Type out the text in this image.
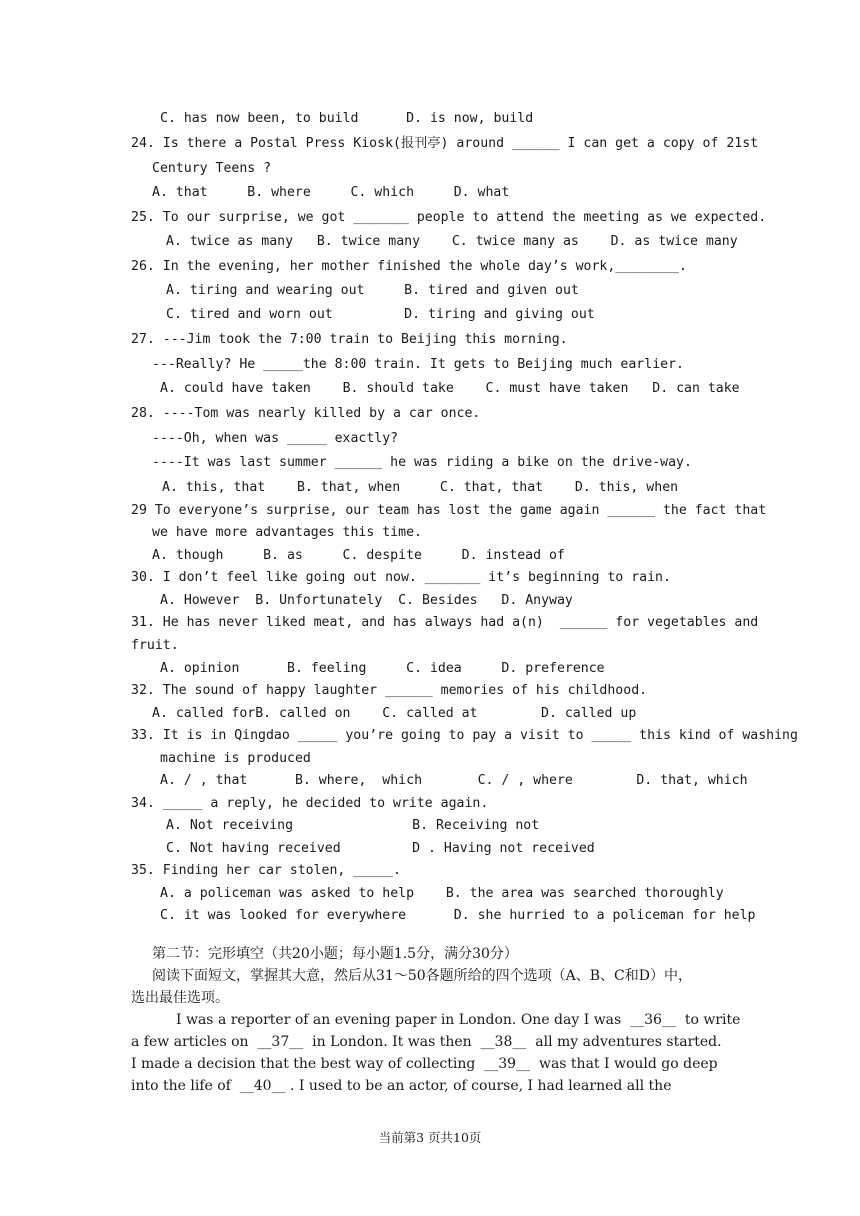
C. has now been, to build      D. is now, build
24. Is there a Postal Press Kiosk(报刊亭) around ______ I can get a copy of 21st
Century Teens ?
A. that     B. where     C. which     D. what
25. To our surprise, we got _______ people to attend the meeting as we expected.
A. twice as many   B. twice many    C. twice many as    D. as twice many
26. In the evening, her mother finished the whole day’s work,________.
A. tiring and wearing out     B. tired and given out
C. tired and worn out         D. tiring and giving out
27. ---Jim took the 7:00 train to Beijing this morning.
---Really? He _____the 8:00 train. It gets to Beijing much earlier.
A. could have taken    B. should take    C. must have taken   D. can take
28. ----Tom was nearly killed by a car once.
----Oh, when was _____ exactly?
----It was last summer ______ he was riding a bike on the drive-way.
A. this, that    B. that, when     C. that, that    D. this, when
29 To everyone’s surprise, our team has lost the game again ______ the fact that
we have more advantages this time.
A. though     B. as     C. despite     D. instead of
30. I don’t feel like going out now. _______ it’s beginning to rain.
A. However  B. Unfortunately  C. Besides   D. Anyway
31. He has never liked meat, and has always had a(n)  ______ for vegetables and
fruit.
A. opinion      B. feeling     C. idea     D. preference
32. The sound of happy laughter ______ memories of his childhood.
A. called forB. called on    C. called at        D. called up
33. It is in Qingdao _____ you’re going to pay a visit to _____ this kind of washing
machine is produced
A. / , that      B. where,  which       C. / , where        D. that, which
34. _____ a reply, he decided to write again.
A. Not receiving               B. Receiving not
C. Not having received         D . Having not received
35. Finding her car stolen, _____.
A. a policeman was asked to help    B. the area was searched thoroughly
C. it was looked for everywhere      D. she hurried to a policeman for help
第二节：完形填空（共20小题；每小题1.5分，满分30分）
阅读下面短文，掌握其大意，然后从31～50各题所给的四个选项（A、B、C和D）中，
选出最佳选项。
I was a reporter of an evening paper in London. One day I was  __36__  to write
a few articles on  __37__  in London. It was then  __38__  all my adventures started.
I made a decision that the best way of collecting  __39__  was that I would go deep
into the life of  __40__ . I used to be an actor, of course, I had learned all the
当前第3 页共10页
